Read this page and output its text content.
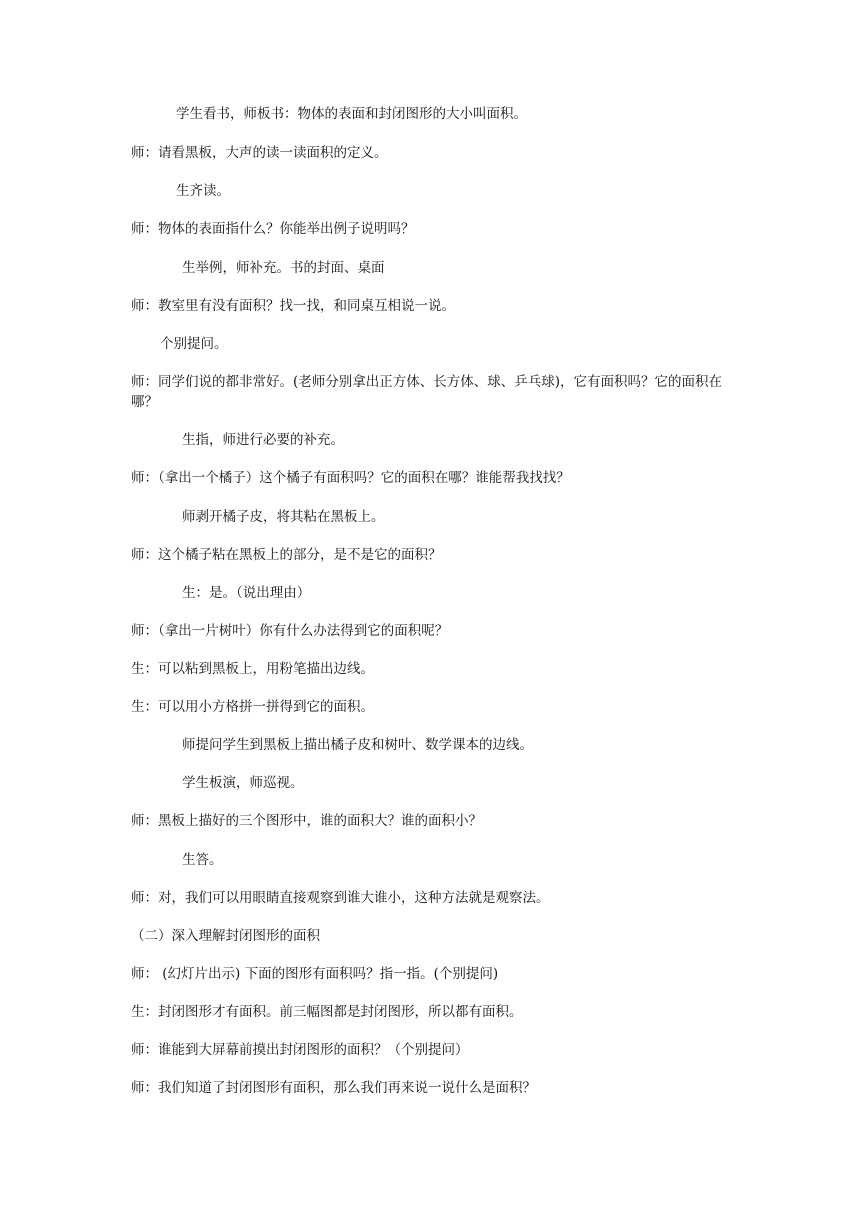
学生看书，师板书：物体的表面和封闭图形的大小叫面积。
师：请看黑板，大声的读一读面积的定义。
生齐读。
师：物体的表面指什么？你能举出例子说明吗？
生举例，师补充。书的封面、桌面
师：教室里有没有面积？找一找，和同桌互相说一说。
个别提问。
师：同学们说的都非常好。(老师分别拿出正方体、长方体、球、乒乓球)，它有面积吗？它的面积在哪？
生指，师进行必要的补充。
师：（拿出一个橘子）这个橘子有面积吗？它的面积在哪？谁能帮我找找？
师剥开橘子皮，将其粘在黑板上。
师：这个橘子粘在黑板上的部分，是不是它的面积？
生：是。（说出理由）
师：（拿出一片树叶）你有什么办法得到它的面积呢？
生：可以粘到黑板上，用粉笔描出边线。
生：可以用小方格拼一拼得到它的面积。
师提问学生到黑板上描出橘子皮和树叶、数学课本的边线。
学生板演，师巡视。
师：黑板上描好的三个图形中，谁的面积大？谁的面积小？
生答。
师：对，我们可以用眼睛直接观察到谁大谁小，这种方法就是观察法。
（二）深入理解封闭图形的面积
师： (幻灯片出示) 下面的图形有面积吗？指一指。(个别提问)
生：封闭图形才有面积。前三幅图都是封闭图形，所以都有面积。
师：谁能到大屏幕前摸出封闭图形的面积？（个别提问）
师：我们知道了封闭图形有面积，那么我们再来说一说什么是面积？
